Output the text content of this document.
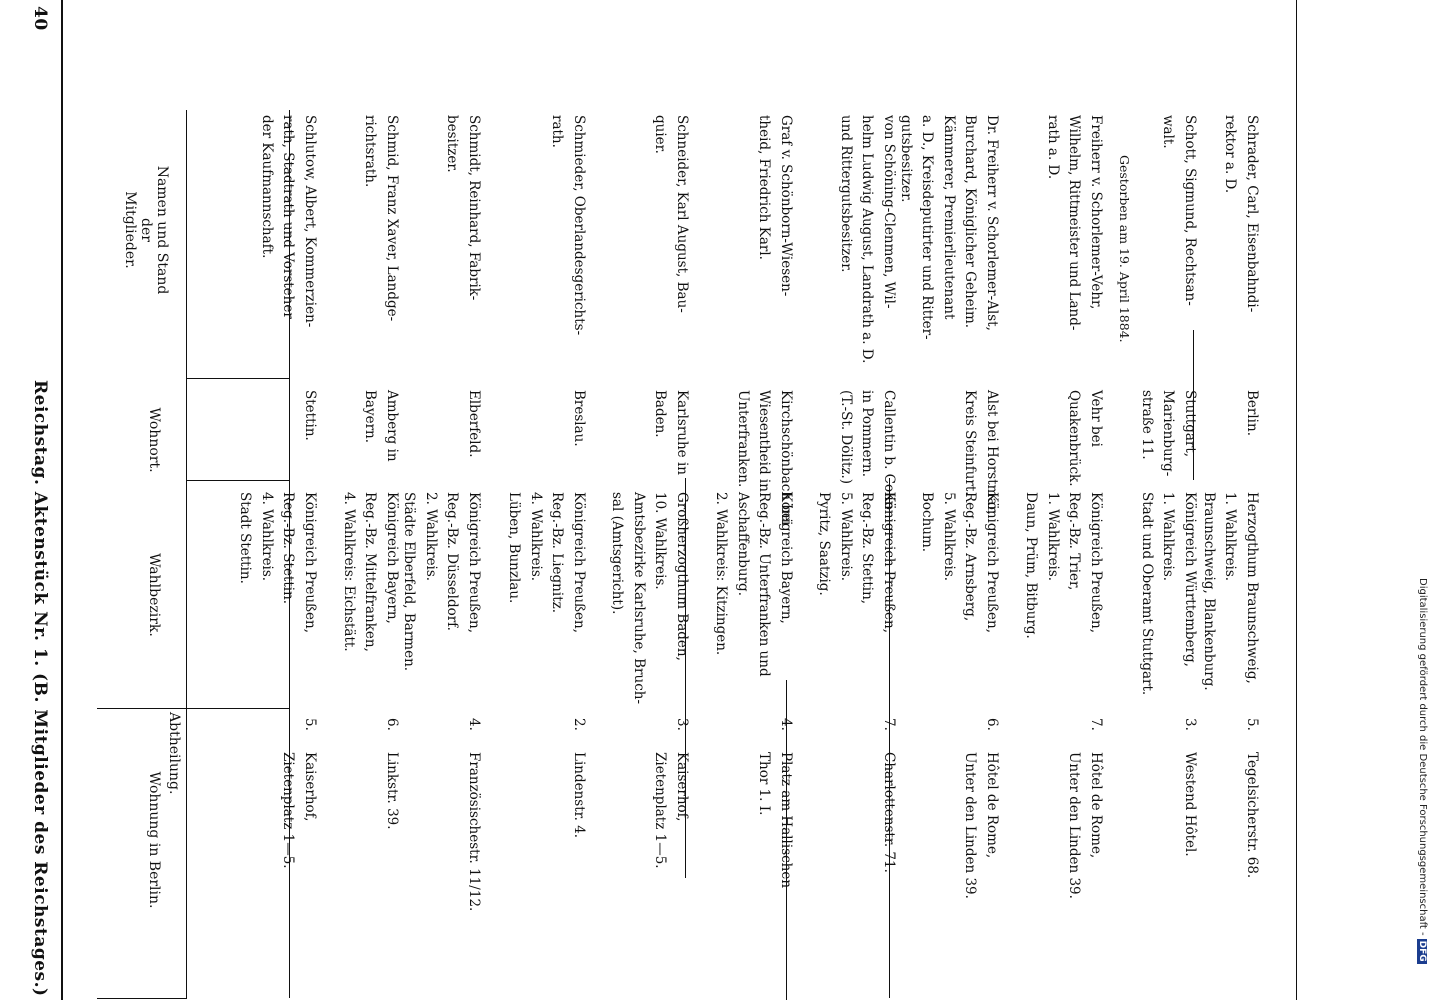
40
Reichstag. Aktenstück Nr. 1. (B. Mitglieder des Reichstages.)
Namen und Stand
der
Mitglieder.
Wohnort.
Wahlbezirk.
Abtheilung.
Wohnung in Berlin.
Schlutow, Albert, Kommerzien-
rath, Stadtrath und Vorsteher
der Kaufmannschaft.
Stettin.
Königreich Preußen,
Reg.-Bz. Stettin.
4. Wahlkreis.
Stadt Stettin.
5.
Kaiserhof,
Zietenplatz 1—5.
Schmid, Franz Xaver, Landge-
richtsrath.
Amberg in
Bayern.
Königreich Bayern,
Reg.-Bz. Mittelfranken,
4. Wahlkreis: Eichstätt.
6.
Linkstr. 39.
Schmidt, Reinhard, Fabrik-
besitzer.
Elberfeld.
Königreich Preußen,
Reg.-Bz. Düsseldorf.
2. Wahlkreis.
Städte Elberfeld, Barmen.
4.
Französischestr. 11/12.
Schmieder, Oberlandesgerichts-
rath.
Breslau.
Königreich Preußen,
Reg.-Bz. Liegnitz.
4. Wahlkreis.
Lüben, Bunzlau.
2.
Lindenstr. 4.
Schneider, Karl August, Bau-
quier.
Karlsruhe in
Baden.
Großherzogthum Baden,
10. Wahlkreis.
Amtsbezirke Karlsruhe, Bruch-
sal (Amtsgericht).
3.
Kaiserhof,
Zietenplatz 1—5.
Graf v. Schönborn-Wiesen-
theid, Friedrich Karl.
Kirchschönbach bei
Wiesentheid in
Unterfranken.
Königreich Bayern,
Reg.-Bz. Unterfranken und
Aschaffenburg.
2. Wahlkreis: Kitzingen.
4.
Platz am Hallischen
Thor 1. I.
von Schöning-Clenmen, Wil-
helm Ludwig August, Landrath a. D.
und Rittergutsbesitzer.
Callentin b. Colin
in Pommern.
(T.-St. Dölitz.)
Königreich Preußen,
Reg.-Bz. Stettin,
5. Wahlkreis.
Pyritz, Saatzig.
7.
Charlottenstr. 71.
Dr. Freiherr v. Schorlemer-Alst,
Burchard, Königlicher Geheim.
Kämmerer, Premierlieutenant
a. D., Kreisdeputirter und Ritter-
gutsbesitzer.
Alst bei Horstmar,
Kreis Steinfurt.
Königreich Preußen,
Reg.-Bz. Arnsberg,
5. Wahlkreis.
Bochum.
6.
Hôtel de Rome,
Unter den Linden 39.
Freiherr v. Schorlemer-Vehr,
Wilhelm, Rittmeister und Land-
rath a. D.	Gestorben am 19. April 1884.
Vehr bei
Quakenbrück.
Königreich Preußen,
Reg.-Bz. Trier,
1. Wahlkreis.
Daun, Prüm, Bitburg.
7.
Hôtel de Rome,
Unter den Linden 39.
Schott, Sigmund, Rechtsan-
walt.
Stuttgart,
Marienburg-
straße 11.
Königreich Württemberg,
1. Wahlkreis.
Stadt und Oberamt Stuttgart.
3.
Westend Hôtel.
Schrader, Carl, Eisenbahndi-
rektor a. D.
Berlin.
Herzogthum Braunschweig,
1. Wahlkreis.
Braunschweig, Blankenburg.
5.
Tegelsicherstr. 68.	Digitalisierung gefördert durch die Deutsche Forschungsgemeinschaft -DFG
